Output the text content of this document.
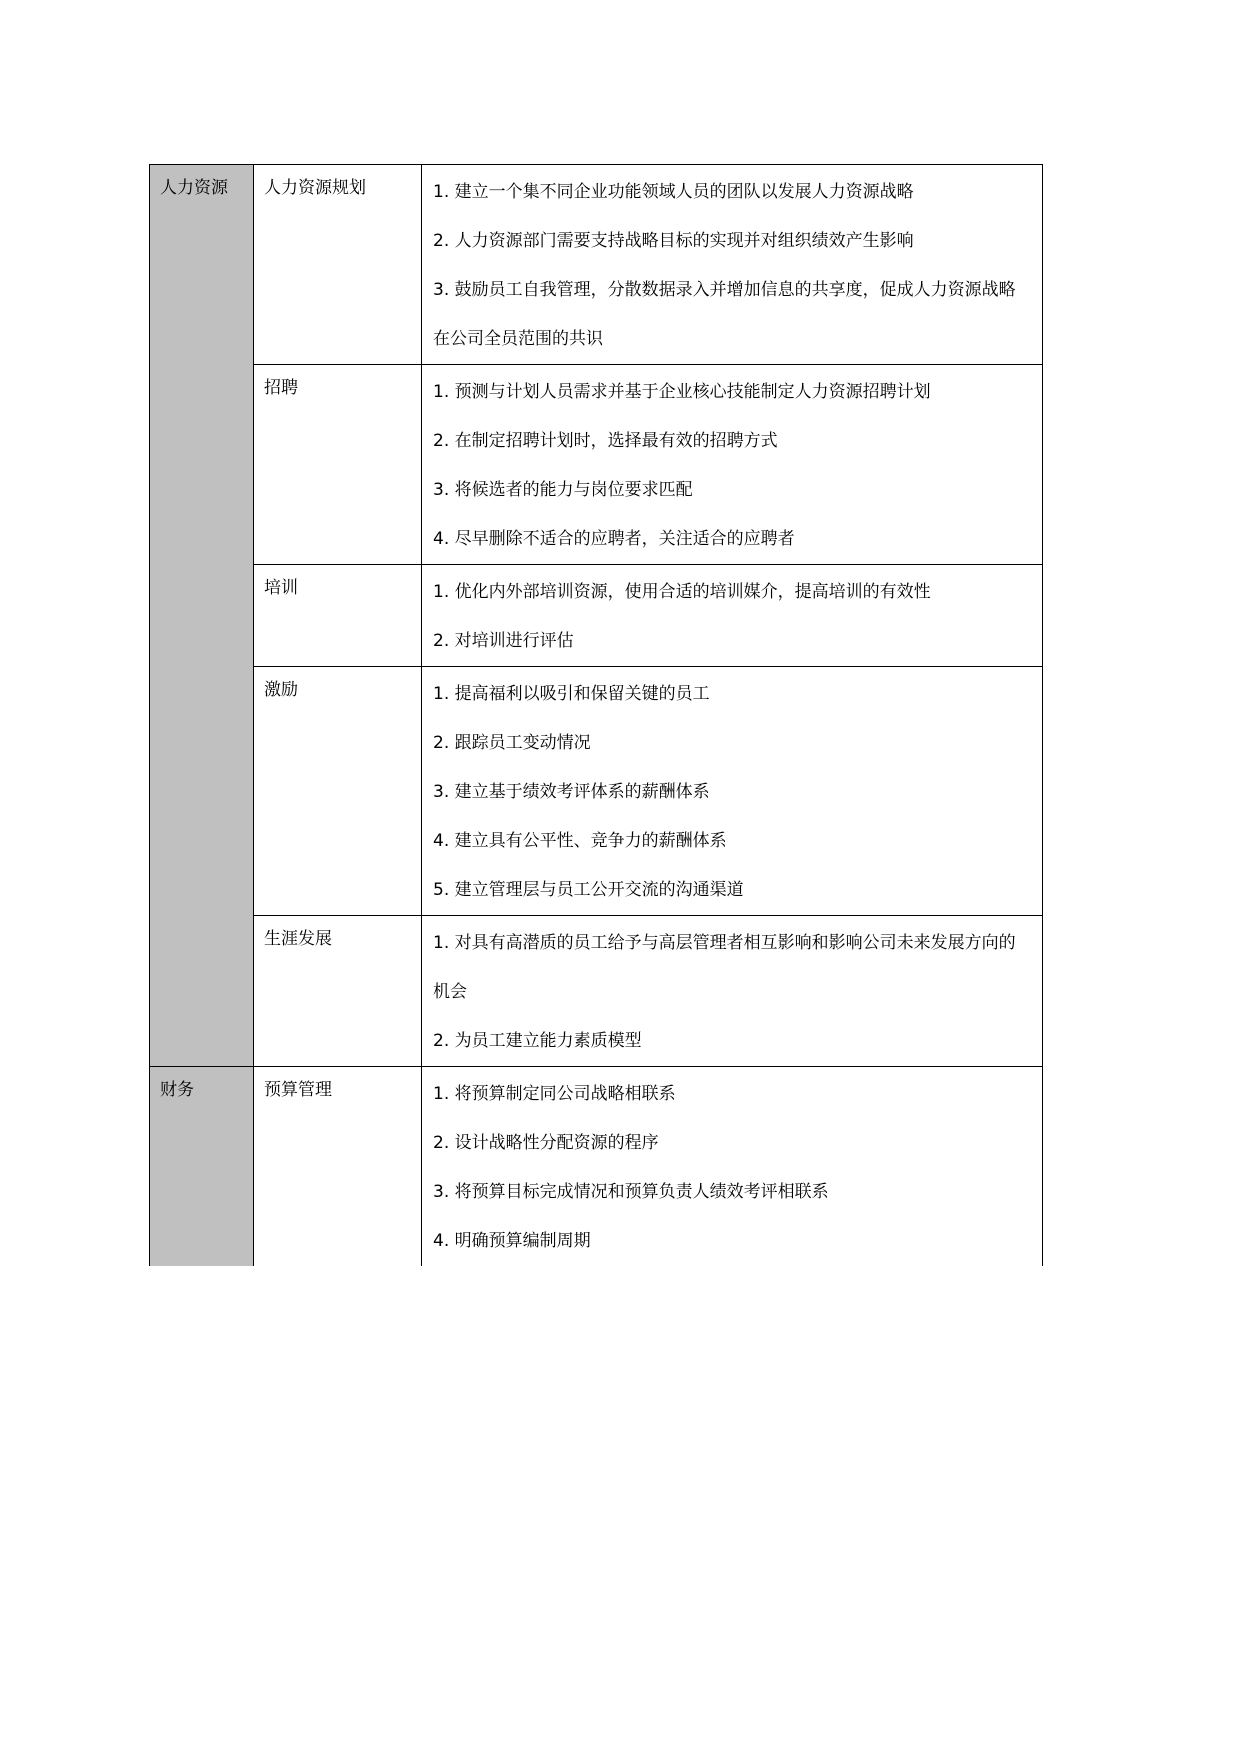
人力资源	人力资源规划	1. 建立一个集不同企业功能领域人员的团队以发展人力资源战略
2. 人力资源部门需要支持战略目标的实现并对组织绩效产生影响
3. 鼓励员工自我管理，分散数据录入并增加信息的共享度，促成人力资源战略在公司全员范围的共识

	招聘	1. 预测与计划人员需求并基于企业核心技能制定人力资源招聘计划
2. 在制定招聘计划时，选择最有效的招聘方式
3. 将候选者的能力与岗位要求匹配
4. 尽早删除不适合的应聘者，关注适合的应聘者

	培训	1. 优化内外部培训资源，使用合适的培训媒介，提高培训的有效性
2. 对培训进行评估

	激励	1. 提高福利以吸引和保留关键的员工
2. 跟踪员工变动情况
3. 建立基于绩效考评体系的薪酬体系
4. 建立具有公平性、竞争力的薪酬体系
5. 建立管理层与员工公开交流的沟通渠道

	生涯发展	1. 对具有高潜质的员工给予与高层管理者相互影响和影响公司未来发展方向的机会
2. 为员工建立能力素质模型

财务	预算管理	1. 将预算制定同公司战略相联系
2. 设计战略性分配资源的程序
3. 将预算目标完成情况和预算负责人绩效考评相联系
4. 明确预算编制周期
